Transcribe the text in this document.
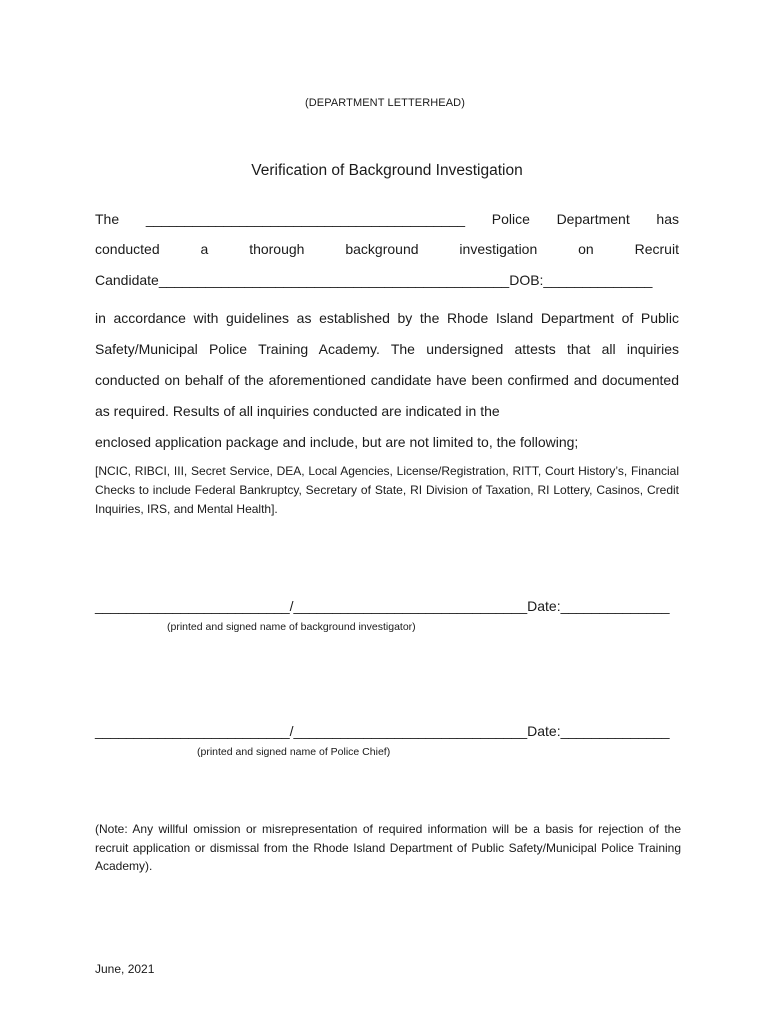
(DEPARTMENT LETTERHEAD)
Verification of Background Investigation
The _________________________________________ Police Department has
conducted	a	thorough	background	investigation	on	Recruit
Candidate_____________________________________________DOB:______________
in accordance with guidelines as established by the Rhode Island Department of Public Safety/Municipal Police Training Academy. The undersigned attests that all inquiries conducted on behalf of the aforementioned candidate have been confirmed and documented as required. Results of all inquiries conducted are indicated in the
enclosed application package and include, but are not limited to, the following;
[NCIC, RIBCI, III, Secret Service, DEA, Local Agencies, License/Registration, RITT, Court History’s, Financial Checks to include Federal Bankruptcy, Secretary of State, RI Division of Taxation, RI Lottery, Casinos, Credit Inquiries, IRS, and Mental Health].
_________________________/______________________________Date:______________
(printed and signed name of background investigator)
_________________________/______________________________Date:______________
(printed and signed name of Police Chief)
(Note: Any willful omission or misrepresentation of required information will be a basis for rejection of the recruit application or dismissal from the Rhode Island Department of Public Safety/Municipal Police Training Academy).
June, 2021
